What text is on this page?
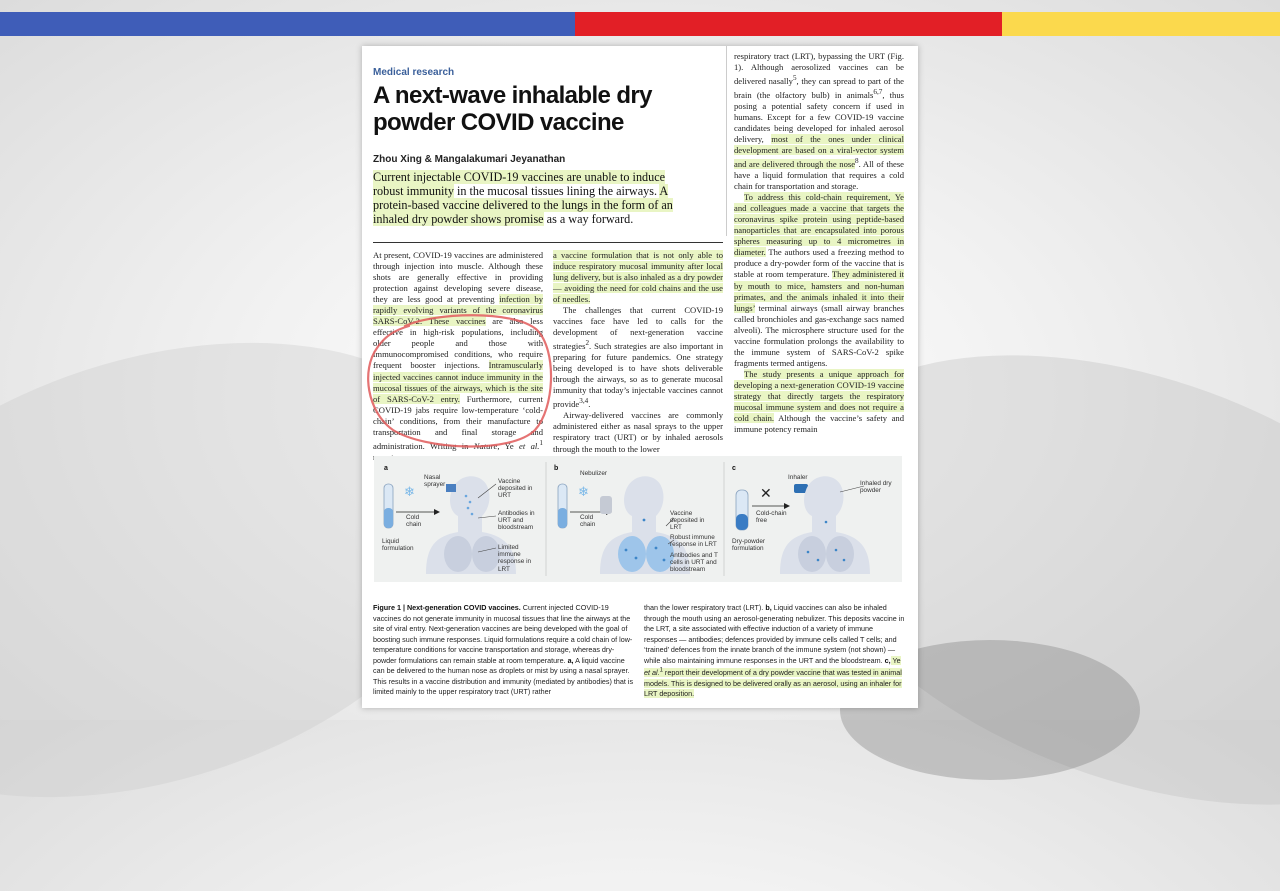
Medical research
A next-wave inhalable dry powder COVID vaccine
Zhou Xing & Mangalakumari Jeyanathan
Current injectable COVID-19 vaccines are unable to induce robust immunity in the mucosal tissues lining the airways. A protein-based vaccine delivered to the lungs in the form of an inhaled dry powder shows promise as a way forward.

At present, COVID-19 vaccines are administered through injection into muscle. Although these shots are generally effective in providing protection against developing severe disease, they are less good at preventing infection by rapidly evolving variants of the coronavirus SARS-CoV-2. These vaccines are also less effective in high-risk populations, including older people and those with immunocompromised conditions, who require frequent booster injections. Intramuscularly injected vaccines cannot induce immunity in the mucosal tissues of the airways, which is the site of SARS-CoV-2 entry. Furthermore, current COVID-19 jabs require low-temperature ‘cold-chain’ conditions, from their manufacture to transportation and final storage and administration. Writing in Nature, Ye et al.$^1$

a vaccine formulation that is not only able to induce respiratory mucosal immunity after local lung delivery, but is also inhaled as a dry powder — avoiding the need for cold chains and the use of needles.

The challenges that current COVID-19 vaccines face have led to calls for the development of next-generation vaccine strategies$^2$. Such strategies are also important in preparing for future pandemics. One strategy being developed is to have shots deliverable through the airways, so as to generate mucosal immunity that today’s injectable vaccines cannot provide$^{3,4}$.

Airway-delivered vaccines are commonly administered either as nasal sprays to the upper respiratory tract (URT) or by inhaled aerosols through the mouth to the lower

respiratory tract (LRT), bypassing the URT (Fig. 1). Although aerosolized vaccines can be delivered nasally$^5$, they can spread to part of the brain (the olfactory bulb) in animals$^{6,7}$, thus posing a potential safety concern if used in humans. Except for a few COVID-19 vaccine candidates being developed for inhaled aerosol delivery, most of the ones under clinical development are based on a viral-vector system and are delivered through the nose$^8$. All of these have a liquid formulation that requires a cold chain for transportation and storage.

To address this cold-chain requirement, Ye and colleagues made a vaccine that targets the coronavirus spike protein using peptide-based nanoparticles that are encapsulated into porous spheres measuring up to 4 micrometres in diameter. The authors used a freezing method to produce a dry-powder form of the vaccine that is stable at room temperature. They administered it by mouth to mice, hamsters and non-human primates, and the animals inhaled it into their lungs’ terminal airways (small airway branches called bronchioles and gas-exchange sacs named alveoli). The microsphere structure used for the vaccine formulation prolongs the availability to the immune system of SARS-CoV-2 spike fragments termed antigens.

The study presents a unique approach for developing a next-generation COVID-19 vaccine strategy that directly targets the respiratory mucosal immune system and does not require a cold chain. Although the vaccine’s safety and immune potency remain

❄	❄	✕
a
Nasal sprayer	Vaccine deposited in URT
Cold chain
Liquid formulation
Antibodies in URT and bloodstream
Limited immune response in LRT
b
Nebulizer
Cold chain
Vaccine deposited in LRT
Robust immune response in LRT
Antibodies and T cells in URT and bloodstream
c
Inhaler
Inhaled dry powder
Cold-chain free
Dry-powder formulation
Figure 1 | Next-generation COVID vaccines. Current injected COVID-19 vaccines do not generate immunity in mucosal tissues that line the airways at the site of viral entry. Next-generation vaccines are being developed with the goal of boosting such immune responses. Liquid formulations require a cold chain of low-temperature conditions for vaccine transportation and storage, whereas dry-powder formulations can remain stable at room temperature. a, A liquid vaccine can be delivered to the human nose as droplets or mist by using a nasal sprayer. This results in a vaccine distribution and immunity (mediated by antibodies) that is limited mainly to the upper respiratory tract (URT) rather
than the lower respiratory tract (LRT). b, Liquid vaccines can also be inhaled through the mouth using an aerosol-generating nebulizer. This deposits vaccine in the LRT, a site associated with effective induction of a variety of immune responses — antibodies; defences provided by immune cells called T cells; and ‘trained’ defences from the innate branch of the immune system (not shown) — while also maintaining immune responses in the URT and the bloodstream. c, Ye et al.$^1$ report their development of a dry powder vaccine that was tested in animal models. This is designed to be delivered orally as an aerosol, using an inhaler for LRT deposition.
